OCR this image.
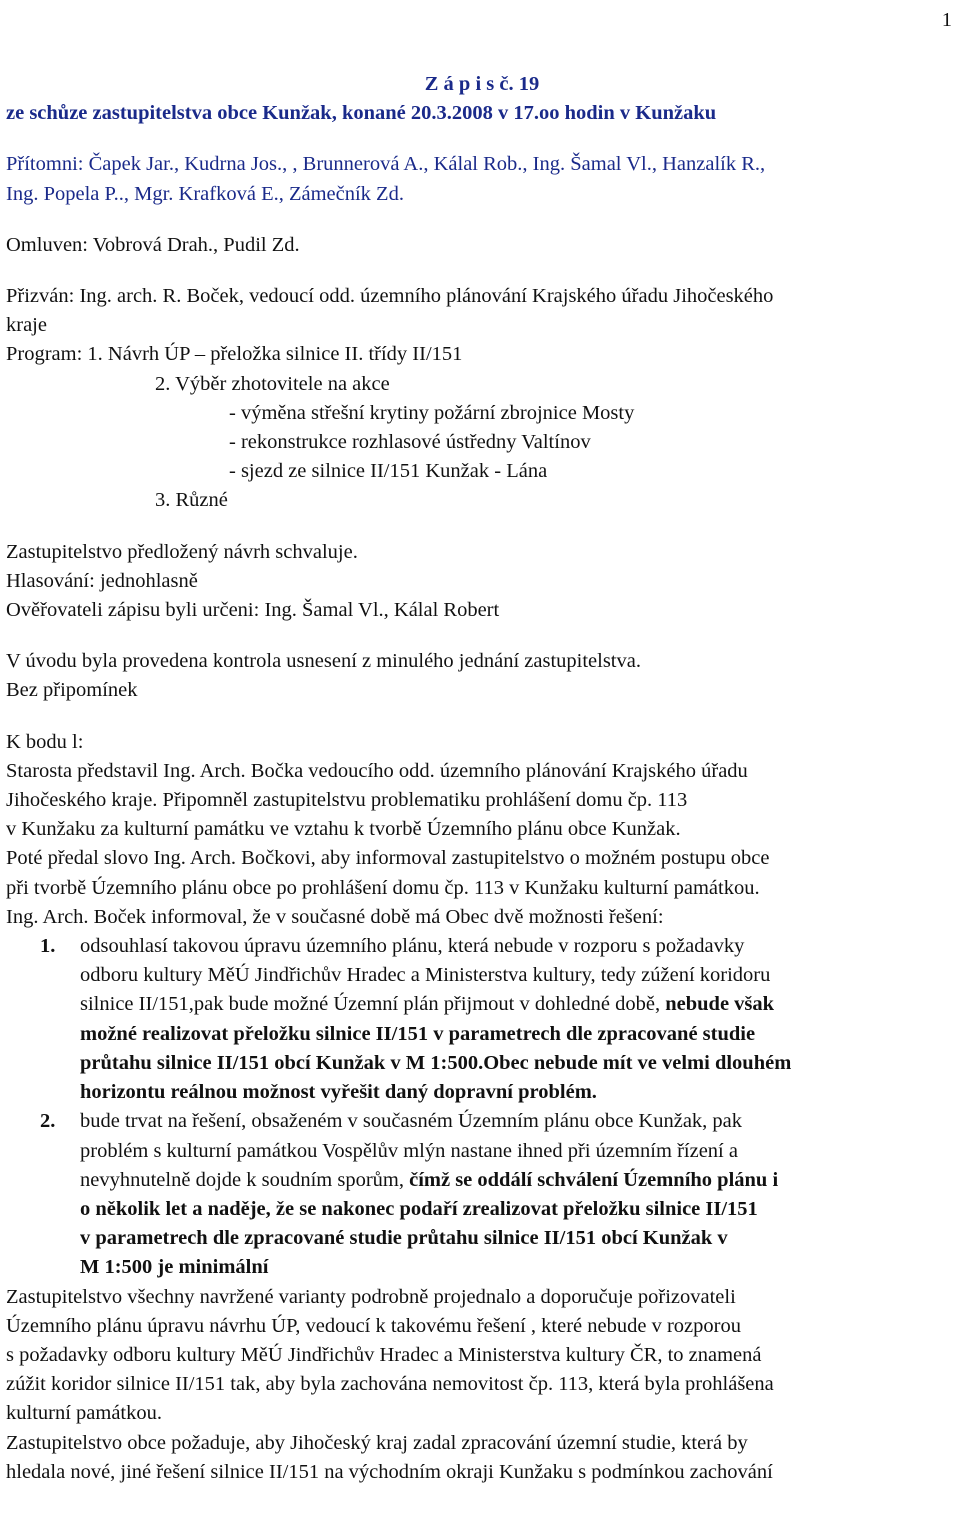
1
Z á p i s č. 19
ze schůze zastupitelstva obce Kunžak, konané 20.3.2008 v 17.oo hodin v Kunžaku
Přítomni: Čapek Jar., Kudrna Jos., , Brunnerová A., Kálal Rob., Ing. Šamal Vl., Hanzalík R.,
Ing. Popela P.., Mgr. Krafková E., Zámečník Zd.
Omluven: Vobrová Drah., Pudil Zd.
Přizván: Ing. arch. R. Boček, vedoucí odd. územního plánování Krajského úřadu Jihočeského
kraje
Program: 1. Návrh ÚP – přeložka silnice II. třídy II/151
2. Výběr zhotovitele na akce
- výměna střešní krytiny požární zbrojnice Mosty
- rekonstrukce rozhlasové ústředny Valtínov
- sjezd ze silnice II/151 Kunžak - Lána
3. Různé
Zastupitelstvo předložený návrh schvaluje.
Hlasování: jednohlasně
Ověřovateli zápisu byli určeni: Ing. Šamal Vl., Kálal Robert
V úvodu byla provedena kontrola usnesení z minulého jednání zastupitelstva.
Bez připomínek
K bodu l:
Starosta představil Ing. Arch. Bočka vedoucího odd. územního plánování Krajského úřadu
Jihočeského kraje. Připomněl zastupitelstvu problematiku prohlášení domu čp. 113
v Kunžaku za kulturní památku ve vztahu k tvorbě Územního plánu obce Kunžak.
Poté předal slovo Ing. Arch. Bočkovi, aby informoval zastupitelstvo o možném postupu obce
při tvorbě Územního plánu obce po prohlášení domu čp. 113 v Kunžaku kulturní památkou.
Ing. Arch. Boček informoval, že v současné době má Obec dvě možnosti řešení:
1. odsouhlasí takovou úpravu územního plánu, která nebude v rozporu s požadavky
odboru kultury MěÚ Jindřichův Hradec a Ministerstva kultury, tedy zúžení koridoru
silnice II/151,pak bude možné Územní plán přijmout v dohledné době, nebude však
možné realizovat přeložku silnice II/151 v parametrech dle zpracované studie
průtahu silnice II/151 obcí Kunžak v M 1:500.Obec nebude mít ve velmi dlouhém
horizontu reálnou možnost vyřešit daný dopravní problém.
2. bude trvat na řešení, obsaženém v současném Územním plánu obce Kunžak, pak
problém s kulturní památkou Vospělův mlýn nastane ihned při územním řízení a
nevyhnutelně dojde k soudním sporům, čímž se oddálí schválení Územního plánu i
o několik let a naděje, že se nakonec podaří zrealizovat přeložku silnice II/151
v parametrech dle zpracované studie průtahu silnice II/151 obcí Kunžak v
M 1:500 je minimální
Zastupitelstvo všechny navržené varianty podrobně projednalo a doporučuje pořizovateli
Územního plánu úpravu návrhu ÚP, vedoucí k takovému řešení , které nebude v rozporou
s požadavky odboru kultury MěÚ Jindřichův Hradec a Ministerstva kultury ČR, to znamená
zúžit koridor silnice II/151 tak, aby byla zachována nemovitost čp. 113, která byla prohlášena
kulturní památkou.
Zastupitelstvo obce požaduje, aby Jihočeský kraj zadal zpracování územní studie, která by
hledala nové, jiné řešení silnice II/151 na východním okraji Kunžaku s podmínkou zachování
